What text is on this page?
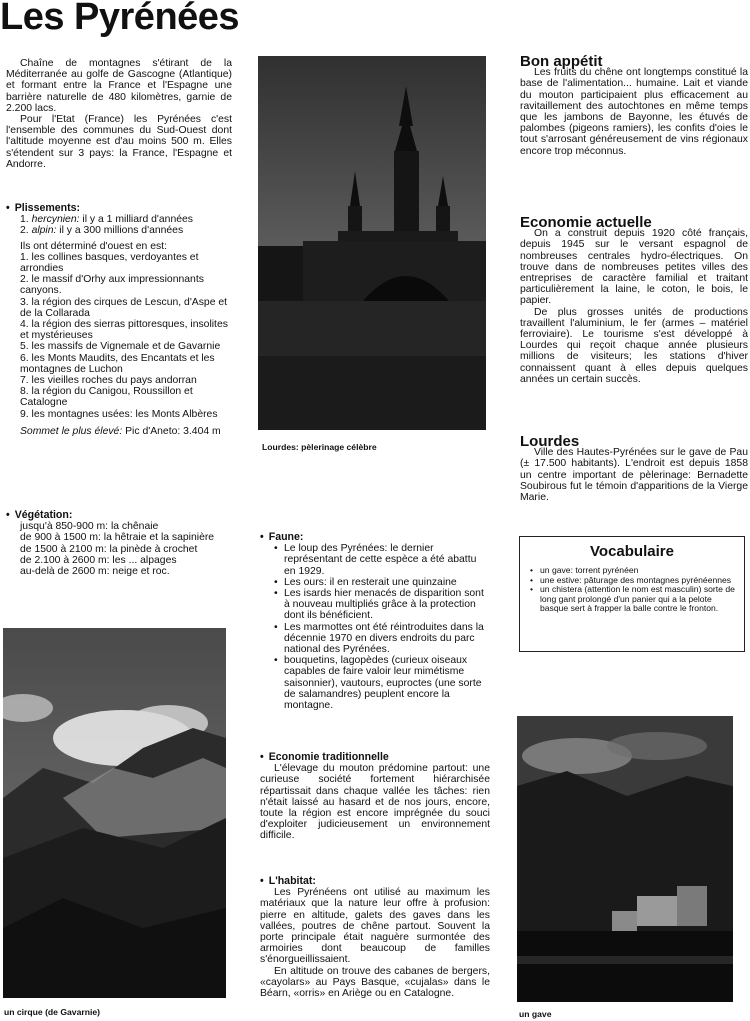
Les Pyrénées

Chaîne de montagnes s'étirant de la Méditerranée au golfe de Gascogne (Atlantique) et formant entre la France et l'Espagne une barrière naturelle de 480 kilomètres, garnie de 2.200 lacs.

Pour l'Etat (France) les Pyrénées c'est l'ensemble des communes du Sud-Ouest dont l'altitude moyenne est d'au moins 500 m. Elles s'étendent sur 3 pays: la France, l'Espagne et Andorre.

• Plissements:
1. hercynien: il y a 1 milliard d'années
2. alpin: il y a 300 millions d'années
Ils ont déterminé d'ouest en est:
1. les collines basques, verdoyantes et arrondies
2. le massif d'Orhy aux impressionnants canyons.
3. la région des cirques de Lescun, d'Aspe et de la Collarada
4. la région des sierras pittoresques, insolites et mystérieuses
5. les massifs de Vignemale et de Gavarnie
6. les Monts Maudits, des Encantats et les montagnes de Luchon
7. les vieilles roches du pays andorran
8. la région du Canigou, Roussillon et Catalogne
9. les montagnes usées: les Monts Albères
Sommet le plus élevé: Pic d'Aneto: 3.404 m
• Végétation:
jusqu'à 850-900 m: la chênaie
de 900 à 1500 m: la hêtraie et la sapinière
de 1500 à 2100 m: la pinède à crochet
de 2.100 à 2600 m: les ... alpages
au-delà de 2600 m: neige et roc.
un cirque (de Gavarnie)
Lourdes: pèlerinage célèbre
• Faune:
• Le loup des Pyrénées: le dernier représentant de cette espèce a été abattu en 1929.
• Les ours: il en resterait une quinzaine
• Les isards hier menacés de disparition sont à nouveau multipliés grâce à la protection dont ils bénéficient.
• Les marmottes ont été réintroduites dans la décennie 1970 en divers endroits du parc national des Pyrénées.
• bouquetins, lagopèdes (curieux oiseaux capables de faire valoir leur mimétisme saisonnier), vautours, euproctes (une sorte de salamandres) peuplent encore la montagne.
• Economie traditionnelle

L'élevage du mouton prédomine partout: une curieuse société fortement hiérarchisée répartissait dans chaque vallée les tâches: rien n'était laissé au hasard et de nos jours, encore, toute la région est encore imprégnée du souci d'exploiter judicieusement un environnement difficile.

• L'habitat:

Les Pyrénéens ont utilisé au maximum les matériaux que la nature leur offre à profusion: pierre en altitude, galets des gaves dans les vallées, poutres de chêne partout. Souvent la porte principale était naguère surmontée des armoiries dont beaucoup de familles s'énorgueillissaient.

En altitude on trouve des cabanes de bergers, «cayolars» au Pays Basque, «cujalas» dans le Béarn, «orris» en Ariège ou en Catalogne.

Bon appétit

Les fruits du chêne ont longtemps constitué la base de l'alimentation... humaine. Lait et viande du mouton participaient plus efficacement au ravitaillement des autochtones en même temps que les jambons de Bayonne, les étuvés de palombes (pigeons ramiers), les confits d'oies le tout s'arrosant généreusement de vins régionaux encore trop méconnus.

Economie actuelle

On a construit depuis 1920 côté français, depuis 1945 sur le versant espagnol de nombreuses centrales hydro-électriques. On trouve dans de nombreuses petites villes des entreprises de caractère familial et traitant particulièrement la laine, le coton, le bois, le papier.

De plus grosses unités de productions travaillent l'aluminium, le fer (armes – matériel ferroviaire). Le tourisme s'est développé à Lourdes qui reçoit chaque année plusieurs millions de visiteurs; les stations d'hiver connaissent quant à elles depuis quelques années un certain succès.

Lourdes

Ville des Hautes-Pyrénées sur le gave de Pau (± 17.500 habitants). L'endroit est depuis 1858 un centre important de pèlerinage: Bernadette Soubirous fut le témoin d'apparitions de la Vierge Marie.

Vocabulaire
• un gave: torrent pyrénéen
• une estive: pâturage des montagnes pyrénéennes
• un chistera (attention le nom est masculin) sorte de long gant prolongé d'un panier qui a la pelote basque sert à frapper la balle contre le fronton.
un gave
